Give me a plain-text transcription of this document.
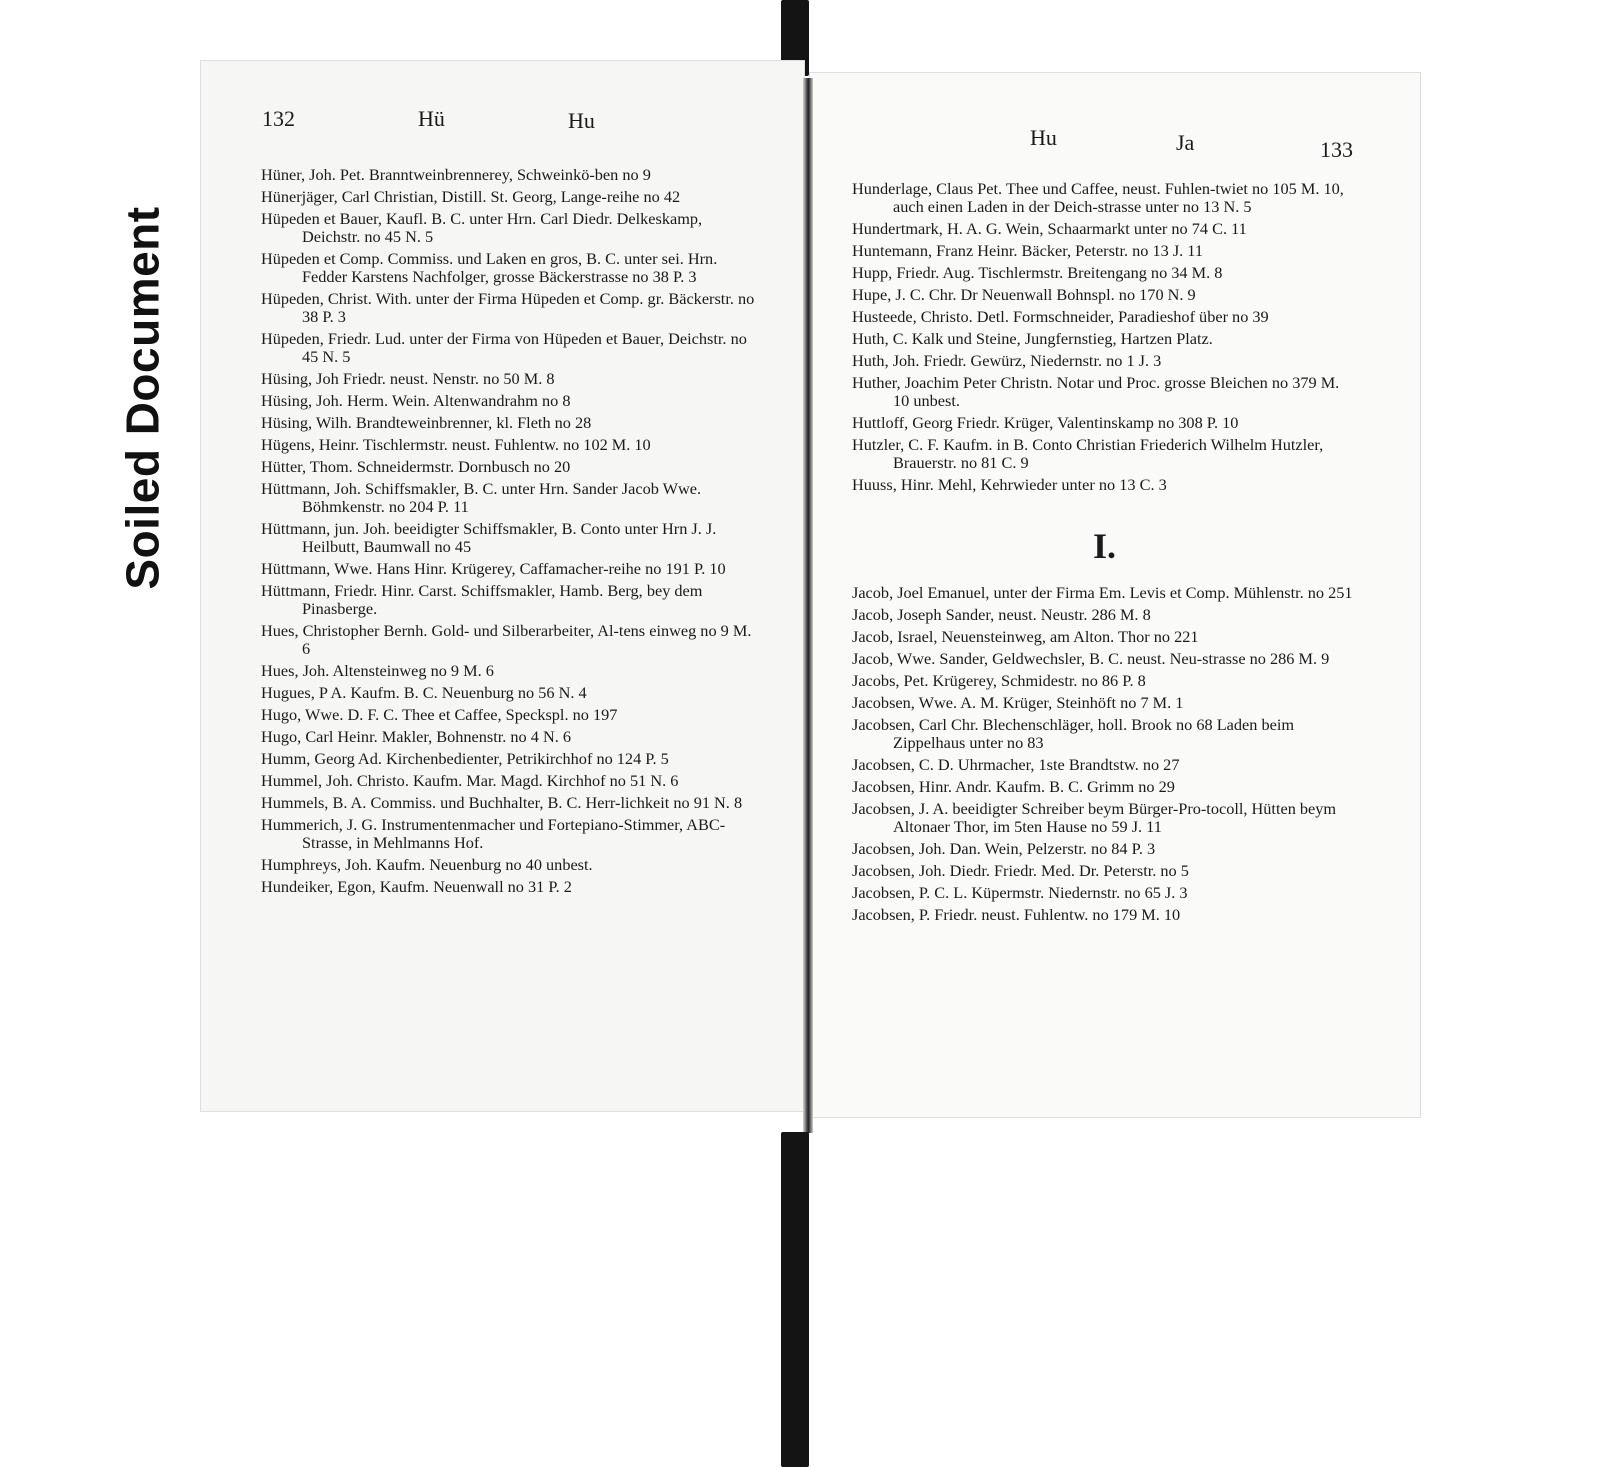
Soiled Document
132	Hü	Hu
Hüner, Joh. Pet. Branntweinbrennerey, Schweinkö-ben no 9
Hünerjäger, Carl Christian, Distill. St. Georg, Lange-reihe no 42
Hüpeden et Bauer, Kaufl. B. C. unter Hrn. Carl Diedr. Delkeskamp, Deichstr. no 45 N. 5
Hüpeden et Comp. Commiss. und Laken en gros, B. C. unter sei. Hrn. Fedder Karstens Nachfolger, grosse Bäckerstrasse no 38 P. 3
Hüpeden, Christ. With. unter der Firma Hüpeden et Comp. gr. Bäckerstr. no 38 P. 3
Hüpeden, Friedr. Lud. unter der Firma von Hüpeden et Bauer, Deichstr. no 45 N. 5
Hüsing, Joh Friedr. neust. Nenstr. no 50 M. 8
Hüsing, Joh. Herm. Wein. Altenwandrahm no 8
Hüsing, Wilh. Brandteweinbrenner, kl. Fleth no 28
Hügens, Heinr. Tischlermstr. neust. Fuhlentw. no 102 M. 10
Hütter, Thom. Schneidermstr. Dornbusch no 20
Hüttmann, Joh. Schiffsmakler, B. C. unter Hrn. Sander Jacob Wwe. Böhmkenstr. no 204 P. 11
Hüttmann, jun. Joh. beeidigter Schiffsmakler, B. Conto unter Hrn J. J. Heilbutt, Baumwall no 45
Hüttmann, Wwe. Hans Hinr. Krügerey, Caffamacher-reihe no 191 P. 10
Hüttmann, Friedr. Hinr. Carst. Schiffsmakler, Hamb. Berg, bey dem Pinasberge.
Hues, Christopher Bernh. Gold- und Silberarbeiter, Al-tens einweg no 9 M. 6
Hues, Joh. Altensteinweg no 9 M. 6
Hugues, P A. Kaufm. B. C. Neuenburg no 56 N. 4
Hugo, Wwe. D. F. C. Thee et Caffee, Speckspl. no 197
Hugo, Carl Heinr. Makler, Bohnenstr. no 4 N. 6
Humm, Georg Ad. Kirchenbedienter, Petrikirchhof no 124 P. 5
Hummel, Joh. Christo. Kaufm. Mar. Magd. Kirchhof no 51 N. 6
Hummels, B. A. Commiss. und Buchhalter, B. C. Herr-lichkeit no 91 N. 8
Hummerich, J. G. Instrumentenmacher und Fortepiano-Stimmer, ABC-Strasse, in Mehlmanns Hof.
Humphreys, Joh. Kaufm. Neuenburg no 40 unbest.
Hundeiker, Egon, Kaufm. Neuenwall no 31 P. 2
Hu	Ja	133
Hunderlage, Claus Pet. Thee und Caffee, neust. Fuhlen-twiet no 105 M. 10, auch einen Laden in der Deich-strasse unter no 13 N. 5
Hundertmark, H. A. G. Wein, Schaarmarkt unter no 74 C. 11
Huntemann, Franz Heinr. Bäcker, Peterstr. no 13 J. 11
Hupp, Friedr. Aug. Tischlermstr. Breitengang no 34 M. 8
Hupe, J. C. Chr. Dr Neuenwall Bohnspl. no 170 N. 9
Husteede, Christo. Detl. Formschneider, Paradieshof über no 39
Huth, C. Kalk und Steine, Jungfernstieg, Hartzen Platz.
Huth, Joh. Friedr. Gewürz, Niedernstr. no 1 J. 3
Huther, Joachim Peter Christn. Notar und Proc. grosse Bleichen no 379 M. 10 unbest.
Huttloff, Georg Friedr. Krüger, Valentinskamp no 308 P. 10
Hutzler, C. F. Kaufm. in B. Conto Christian Friederich Wilhelm Hutzler, Brauerstr. no 81 C. 9
Huuss, Hinr. Mehl, Kehrwieder unter no 13 C. 3
I.
Jacob, Joel Emanuel, unter der Firma Em. Levis et Comp. Mühlenstr. no 251
Jacob, Joseph Sander, neust. Neustr. 286 M. 8
Jacob, Israel, Neuensteinweg, am Alton. Thor no 221
Jacob, Wwe. Sander, Geldwechsler, B. C. neust. Neu-strasse no 286 M. 9
Jacobs, Pet. Krügerey, Schmidestr. no 86 P. 8
Jacobsen, Wwe. A. M. Krüger, Steinhöft no 7 M. 1
Jacobsen, Carl Chr. Blechenschläger, holl. Brook no 68 Laden beim Zippelhaus unter no 83
Jacobsen, C. D. Uhrmacher, 1ste Brandtstw. no 27
Jacobsen, Hinr. Andr. Kaufm. B. C. Grimm no 29
Jacobsen, J. A. beeidigter Schreiber beym Bürger-Pro-tocoll, Hütten beym Altonaer Thor, im 5ten Hause no 59 J. 11
Jacobsen, Joh. Dan. Wein, Pelzerstr. no 84 P. 3
Jacobsen, Joh. Diedr. Friedr. Med. Dr. Peterstr. no 5
Jacobsen, P. C. L. Küpermstr. Niedernstr. no 65 J. 3
Jacobsen, P. Friedr. neust. Fuhlentw. no 179 M. 10
